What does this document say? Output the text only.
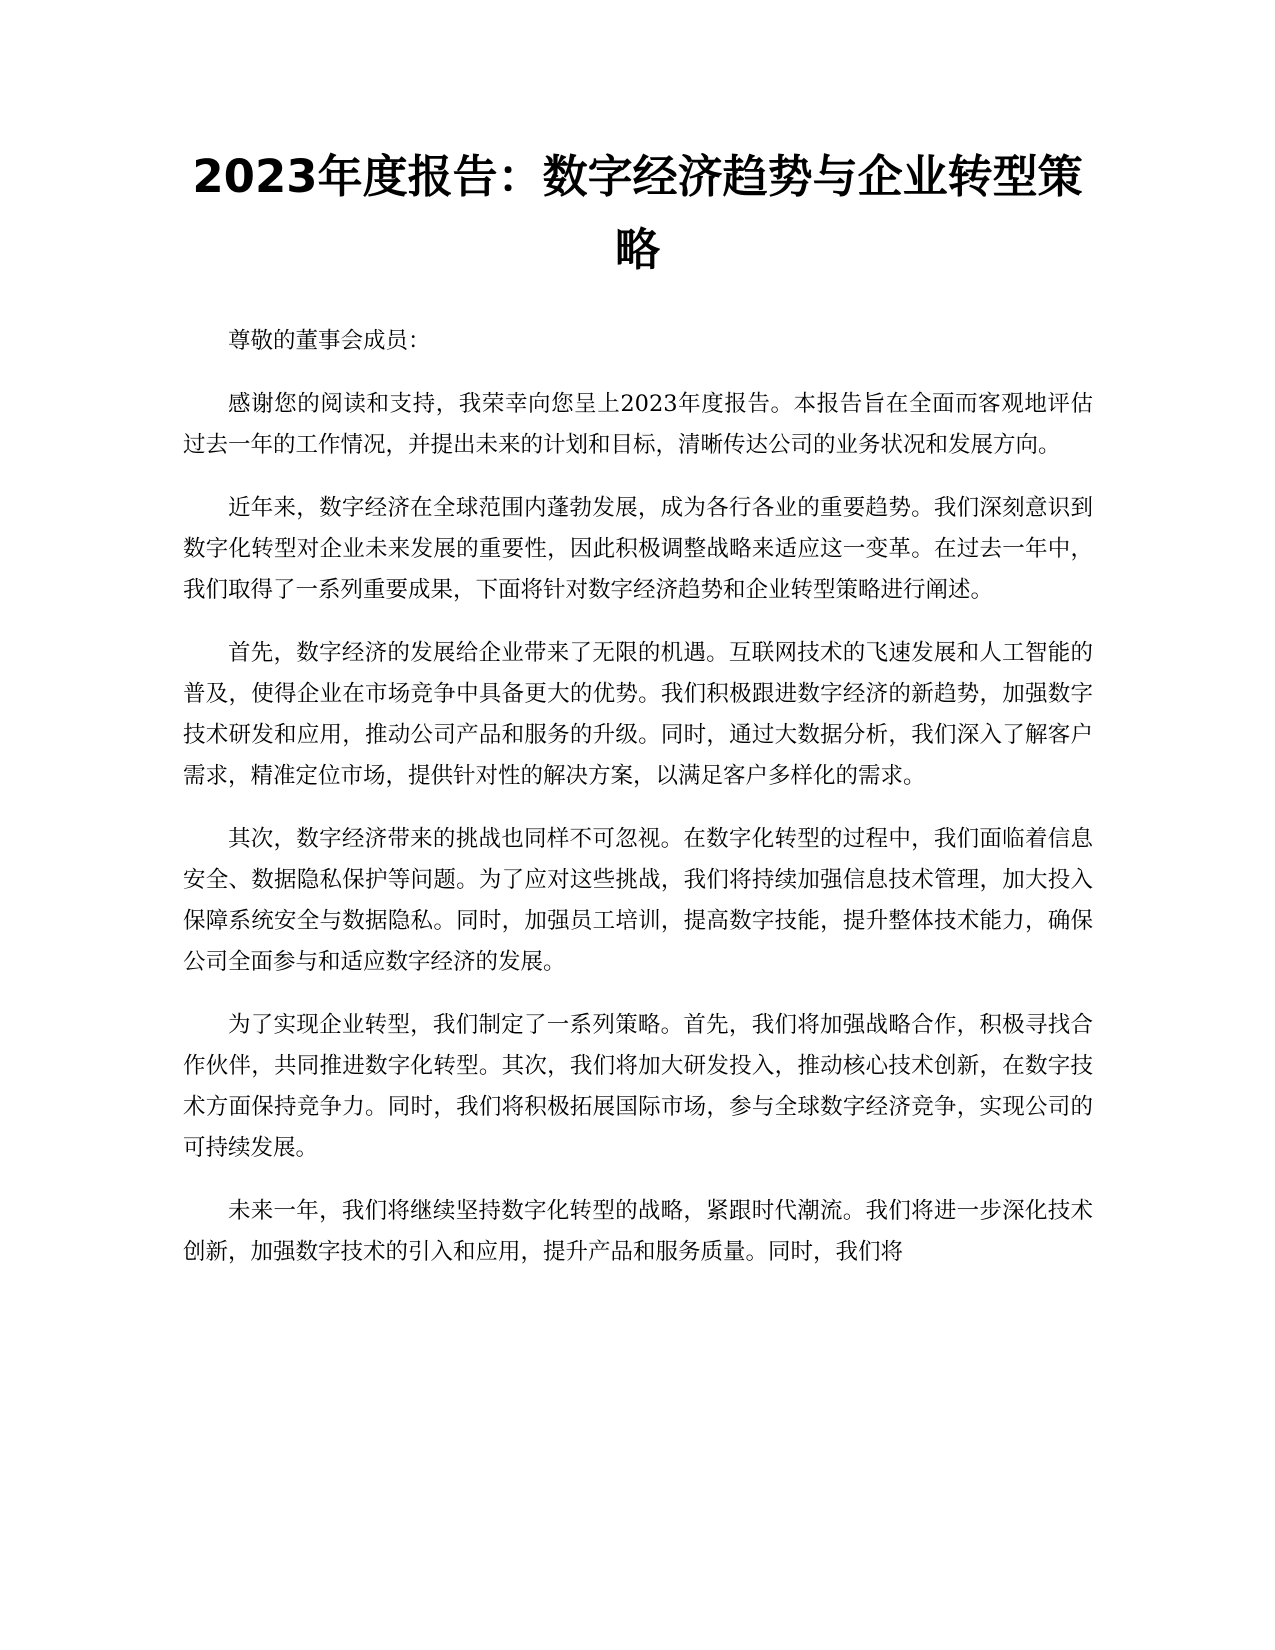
2023年度报告：数字经济趋势与企业转型策略

尊敬的董事会成员：

感谢您的阅读和支持，我荣幸向您呈上2023年度报告。本报告旨在全面而客观地评估过去一年的工作情况，并提出未来的计划和目标，清晰传达公司的业务状况和发展方向。

近年来，数字经济在全球范围内蓬勃发展，成为各行各业的重要趋势。我们深刻意识到数字化转型对企业未来发展的重要性，因此积极调整战略来适应这一变革。在过去一年中，我们取得了一系列重要成果，下面将针对数字经济趋势和企业转型策略进行阐述。

首先，数字经济的发展给企业带来了无限的机遇。互联网技术的飞速发展和人工智能的普及，使得企业在市场竞争中具备更大的优势。我们积极跟进数字经济的新趋势，加强数字技术研发和应用，推动公司产品和服务的升级。同时，通过大数据分析，我们深入了解客户需求，精准定位市场，提供针对性的解决方案，以满足客户多样化的需求。

其次，数字经济带来的挑战也同样不可忽视。在数字化转型的过程中，我们面临着信息安全、数据隐私保护等问题。为了应对这些挑战，我们将持续加强信息技术管理，加大投入保障系统安全与数据隐私。同时，加强员工培训，提高数字技能，提升整体技术能力，确保公司全面参与和适应数字经济的发展。

为了实现企业转型，我们制定了一系列策略。首先，我们将加强战略合作，积极寻找合作伙伴，共同推进数字化转型。其次，我们将加大研发投入，推动核心技术创新，在数字技术方面保持竞争力。同时，我们将积极拓展国际市场，参与全球数字经济竞争，实现公司的可持续发展。

未来一年，我们将继续坚持数字化转型的战略，紧跟时代潮流。我们将进一步深化技术创新，加强数字技术的引入和应用，提升产品和服务质量。同时，我们将
